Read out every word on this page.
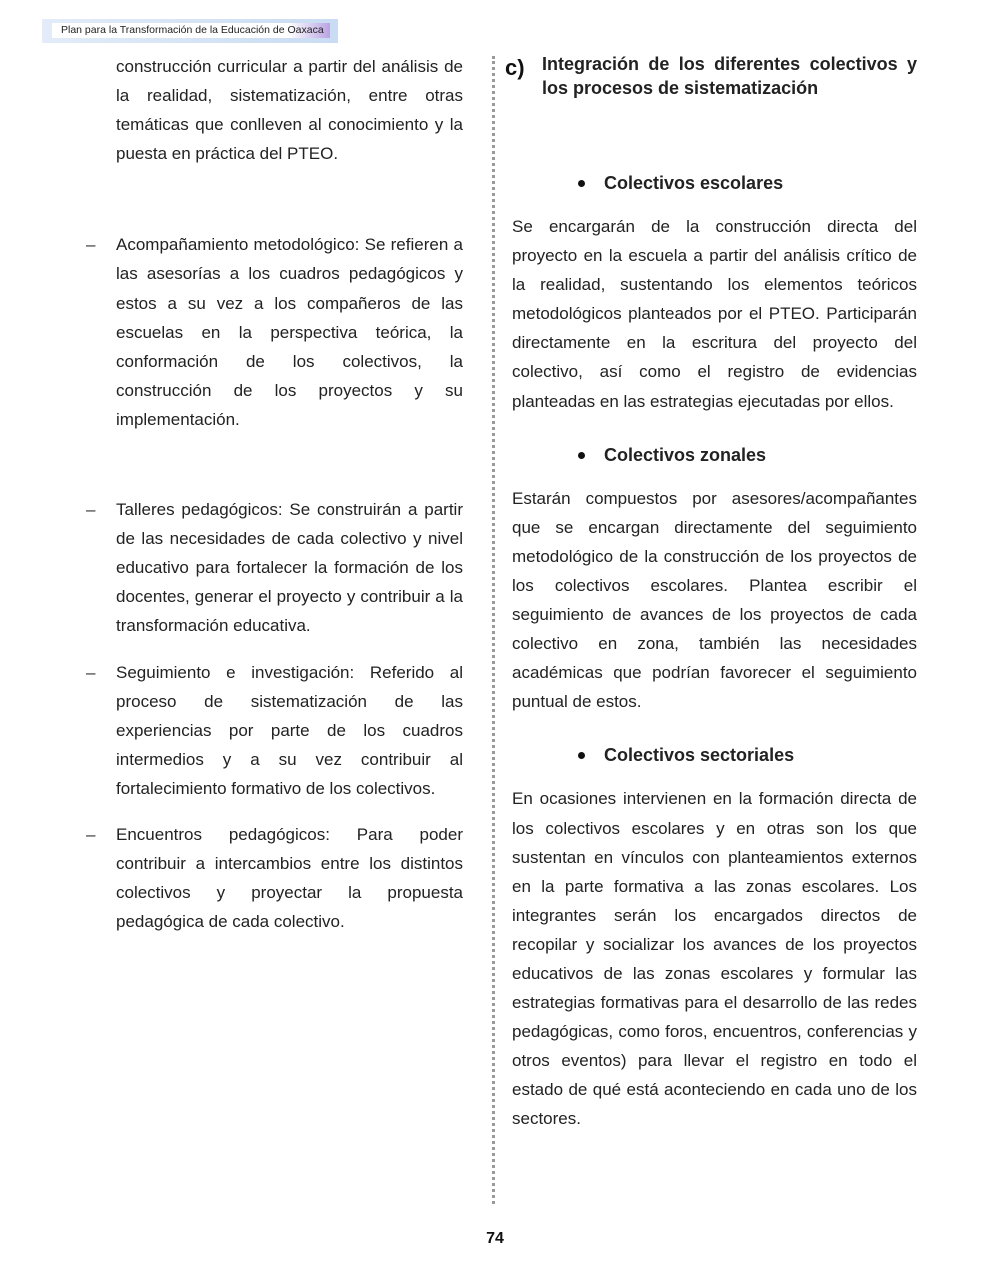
Plan para la Transformación de la Educación de Oaxaca

construcción curricular a partir del análisis de la realidad, sistematización, entre otras temáticas que conlleven al conocimiento y la puesta en práctica del PTEO.

– Acompañamiento metodológico: Se refieren a las asesorías a los cuadros pedagógicos y estos a su vez a los compañeros de las escuelas en la perspectiva teórica, la conformación de los colectivos, la construcción de los proyectos y su implementación.

– Talleres pedagógicos: Se construirán a partir de las necesidades de cada colectivo y nivel educativo para fortalecer la formación de los docentes, generar el proyecto y contribuir a la transformación educativa.

– Seguimiento e investigación: Referido al proceso de sistematización de las experiencias por parte de los cuadros intermedios y a su vez contribuir al fortalecimiento formativo de los colectivos.

– Encuentros pedagógicos: Para poder contribuir a intercambios entre los distintos colectivos y proyectar la propuesta pedagógica de cada colectivo.

c) Integración de los diferentes colectivos y los procesos de sistematización

Colectivos escolares

Se encargarán de la construcción directa del proyecto en la escuela a partir del análisis crítico de la realidad, sustentando los elementos teóricos metodológicos planteados por el PTEO. Participarán directamente en la escritura del proyecto del colectivo, así como el registro de evidencias planteadas en las estrategias ejecutadas por ellos.

Colectivos zonales

Estarán compuestos por asesores/acompañantes que se encargan directamente del seguimiento metodológico de la construcción de los proyectos de los colectivos escolares. Plantea escribir el seguimiento de avances de los proyectos de cada colectivo en zona, también las necesidades académicas que podrían favorecer el seguimiento puntual de estos.

Colectivos sectoriales

En ocasiones intervienen en la formación directa de los colectivos escolares y en otras son los que sustentan en vínculos con planteamientos externos en la parte formativa a las zonas escolares. Los integrantes serán los encargados directos de recopilar y socializar los avances de los proyectos educativos de las zonas escolares y formular las estrategias formativas para el desarrollo de las redes pedagógicas, como foros, encuentros, conferencias y otros eventos) para llevar el registro en todo el estado de qué está aconteciendo en cada uno de los sectores.

74
